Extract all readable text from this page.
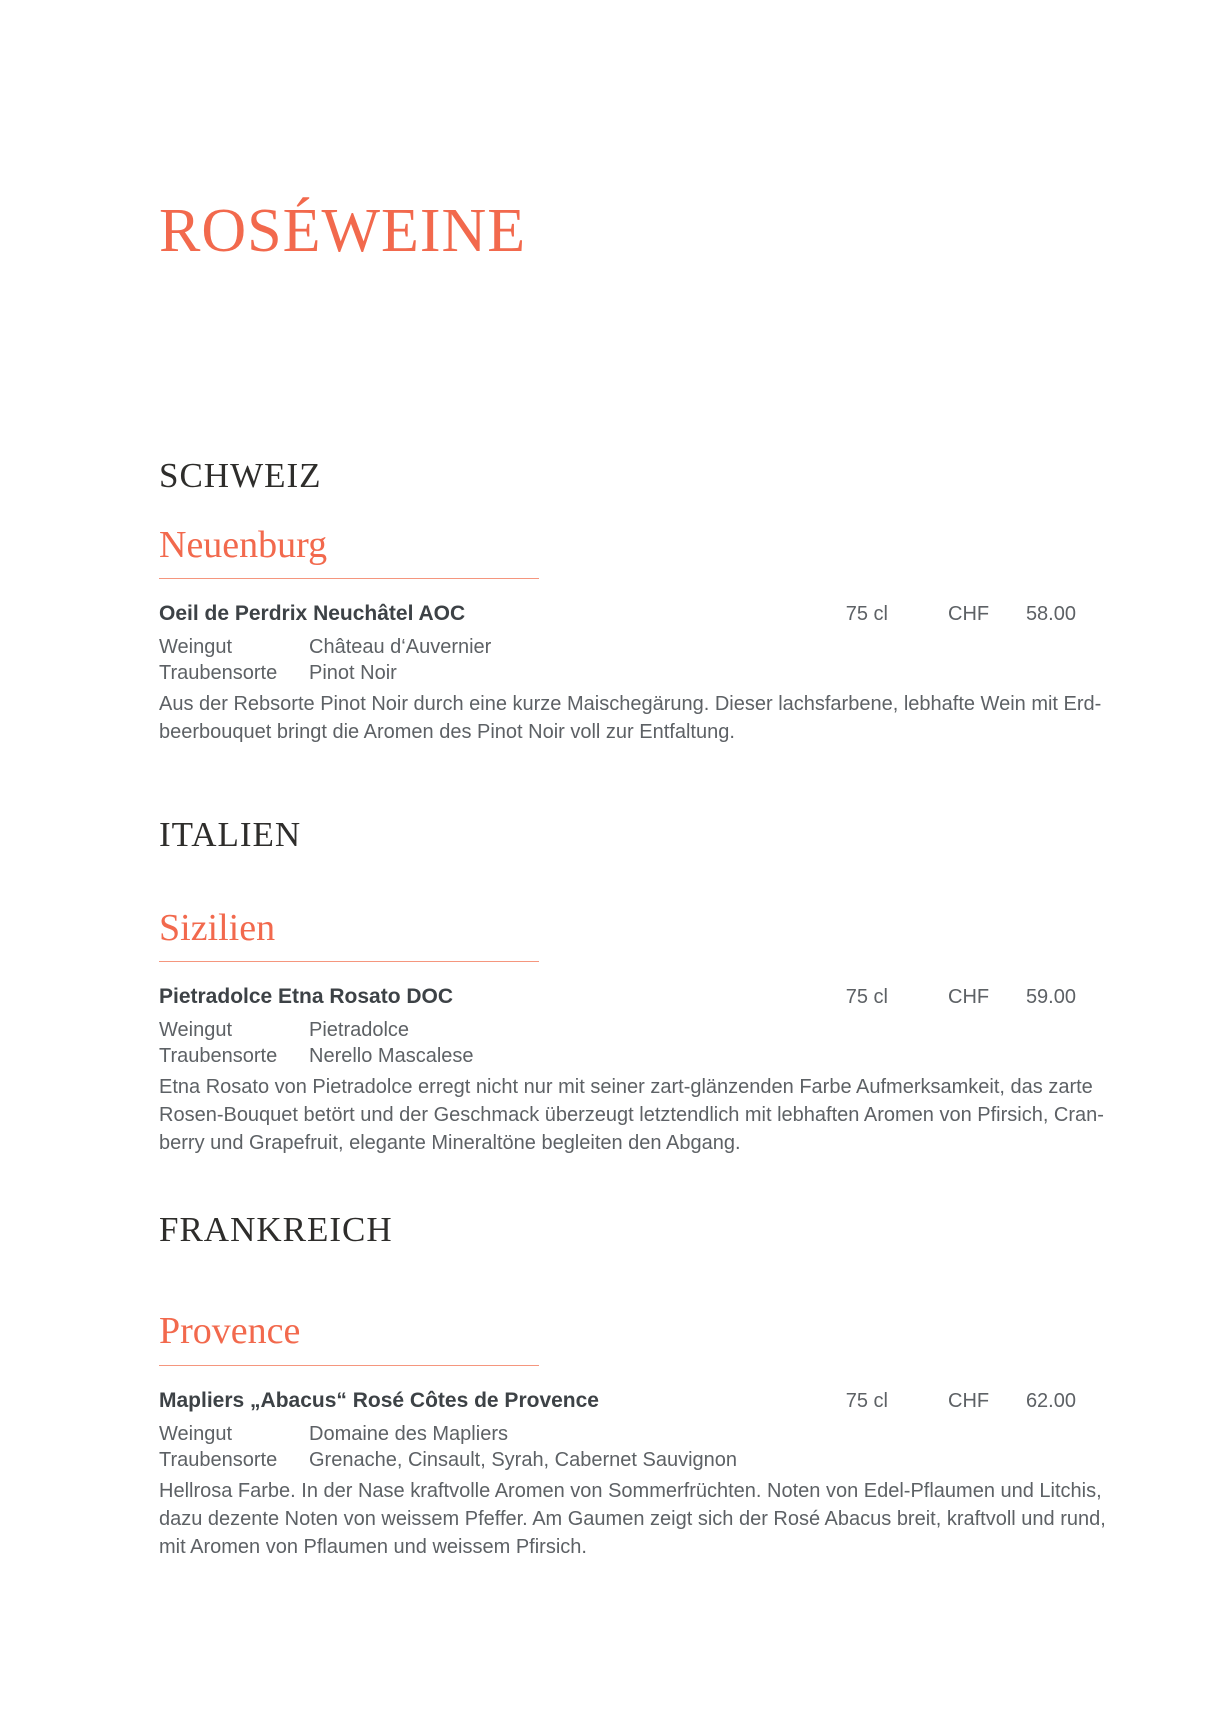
ROSÉWEINE
SCHWEIZ
Neuenburg
Oeil de Perdrix Neuchâtel AOC	75 cl	CHF	58.00
Weingut	Château d‘Auvernier
Traubensorte	Pinot Noir
Aus der Rebsorte Pinot Noir durch eine kurze Maischegärung. Dieser lachsfarbene, lebhafte Wein mit Erd-
beerbouquet bringt die Aromen des Pinot Noir voll zur Entfaltung.
ITALIEN
Sizilien
Pietradolce Etna Rosato DOC	75 cl	CHF	59.00
Weingut	Pietradolce
Traubensorte	Nerello Mascalese
Etna Rosato von Pietradolce erregt nicht nur mit seiner zart-glänzenden Farbe Aufmerksamkeit, das zarte
Rosen-Bouquet betört und der Geschmack überzeugt letztendlich mit lebhaften Aromen von Pfirsich, Cran-
berry und Grapefruit, elegante Mineraltöne begleiten den Abgang.
FRANKREICH
Provence
Mapliers „Abacus“ Rosé Côtes de Provence	75 cl	CHF	62.00
Weingut	Domaine des Mapliers
Traubensorte	Grenache, Cinsault, Syrah, Cabernet Sauvignon
Hellrosa Farbe. In der Nase kraftvolle Aromen von Sommerfrüchten. Noten von Edel-Pflaumen und Litchis,
dazu dezente Noten von weissem Pfeffer. Am Gaumen zeigt sich der Rosé Abacus breit, kraftvoll und rund,
mit Aromen von Pflaumen und weissem Pfirsich.
